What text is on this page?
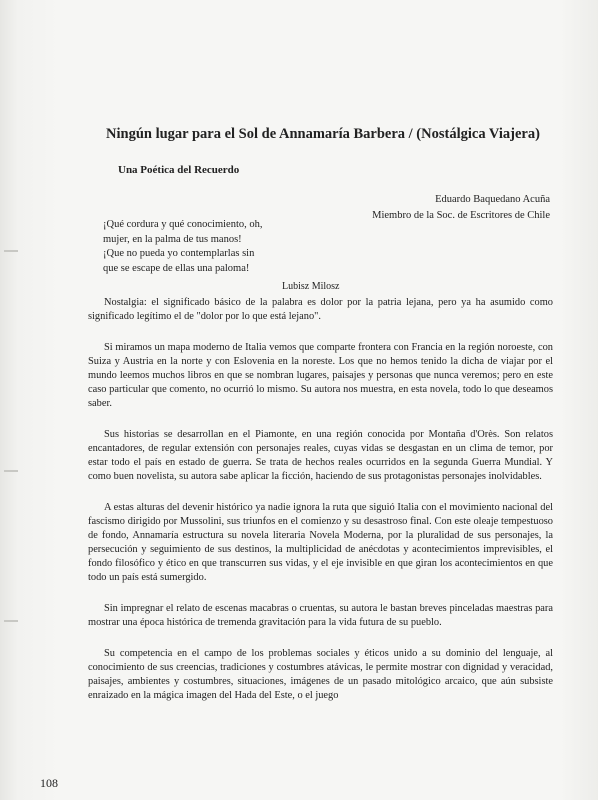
Ningún lugar para el Sol de Annamaría Barbera / (Nostálgica Viajera)
Una Poética del Recuerdo
Eduardo Baquedano Acuña
Miembro de la Soc. de Escritores de Chile
¡Qué cordura y qué conocimiento, oh,
mujer, en la palma de tus manos!
¡Que no pueda yo contemplarlas sin
que se escape de ellas una paloma!
Lubisz Milosz

Nostalgia: el significado básico de la palabra es dolor por la patria lejana, pero ya ha asumido como significado legítimo el de "dolor por lo que está lejano".

Si miramos un mapa moderno de Italia vemos que comparte frontera con Francia en la región noroeste, con Suiza y Austria en la norte y con Eslovenia en la noreste. Los que no hemos tenido la dicha de viajar por el mundo leemos muchos libros en que se nombran lugares, paisajes y personas que nunca veremos; pero en este caso particular que comento, no ocurrió lo mismo. Su autora nos muestra, en esta novela, todo lo que deseamos saber.

Sus historias se desarrollan en el Piamonte, en una región conocida por Montaña d'Orès. Son relatos encantadores, de regular extensión con personajes reales, cuyas vidas se desgastan en un clima de temor, por estar todo el país en estado de guerra. Se trata de hechos reales ocurridos en la segunda Guerra Mundial. Y como buen novelista, su autora sabe aplicar la ficción, haciendo de sus protagonistas personajes inolvidables.

A estas alturas del devenir histórico ya nadie ignora la ruta que siguió Italia con el movimiento nacional del fascismo dirigido por Mussolini, sus triunfos en el comienzo y su desastroso final. Con este oleaje tempestuoso de fondo, Annamaría estructura su novela literaria Novela Moderna, por la pluralidad de sus personajes, la persecución y seguimiento de sus destinos, la multiplicidad de anécdotas y acontecimientos imprevisibles, el fondo filosófico y ético en que transcurren sus vidas, y el eje invisible en que giran los acontecimientos en que todo un país está sumergido.

Sin impregnar el relato de escenas macabras o cruentas, su autora le bastan breves pinceladas maestras para mostrar una época histórica de tremenda gravitación para la vida futura de su pueblo.

Su competencia en el campo de los problemas sociales y éticos unido a su dominio del lenguaje, al conocimiento de sus creencias, tradiciones y costumbres atávicas, le permite mostrar con dignidad y veracidad, paisajes, ambientes y costumbres, situaciones, imágenes de un pasado mitológico arcaico, que aún subsiste enraizado en la mágica imagen del Hada del Este, o el juego

108
